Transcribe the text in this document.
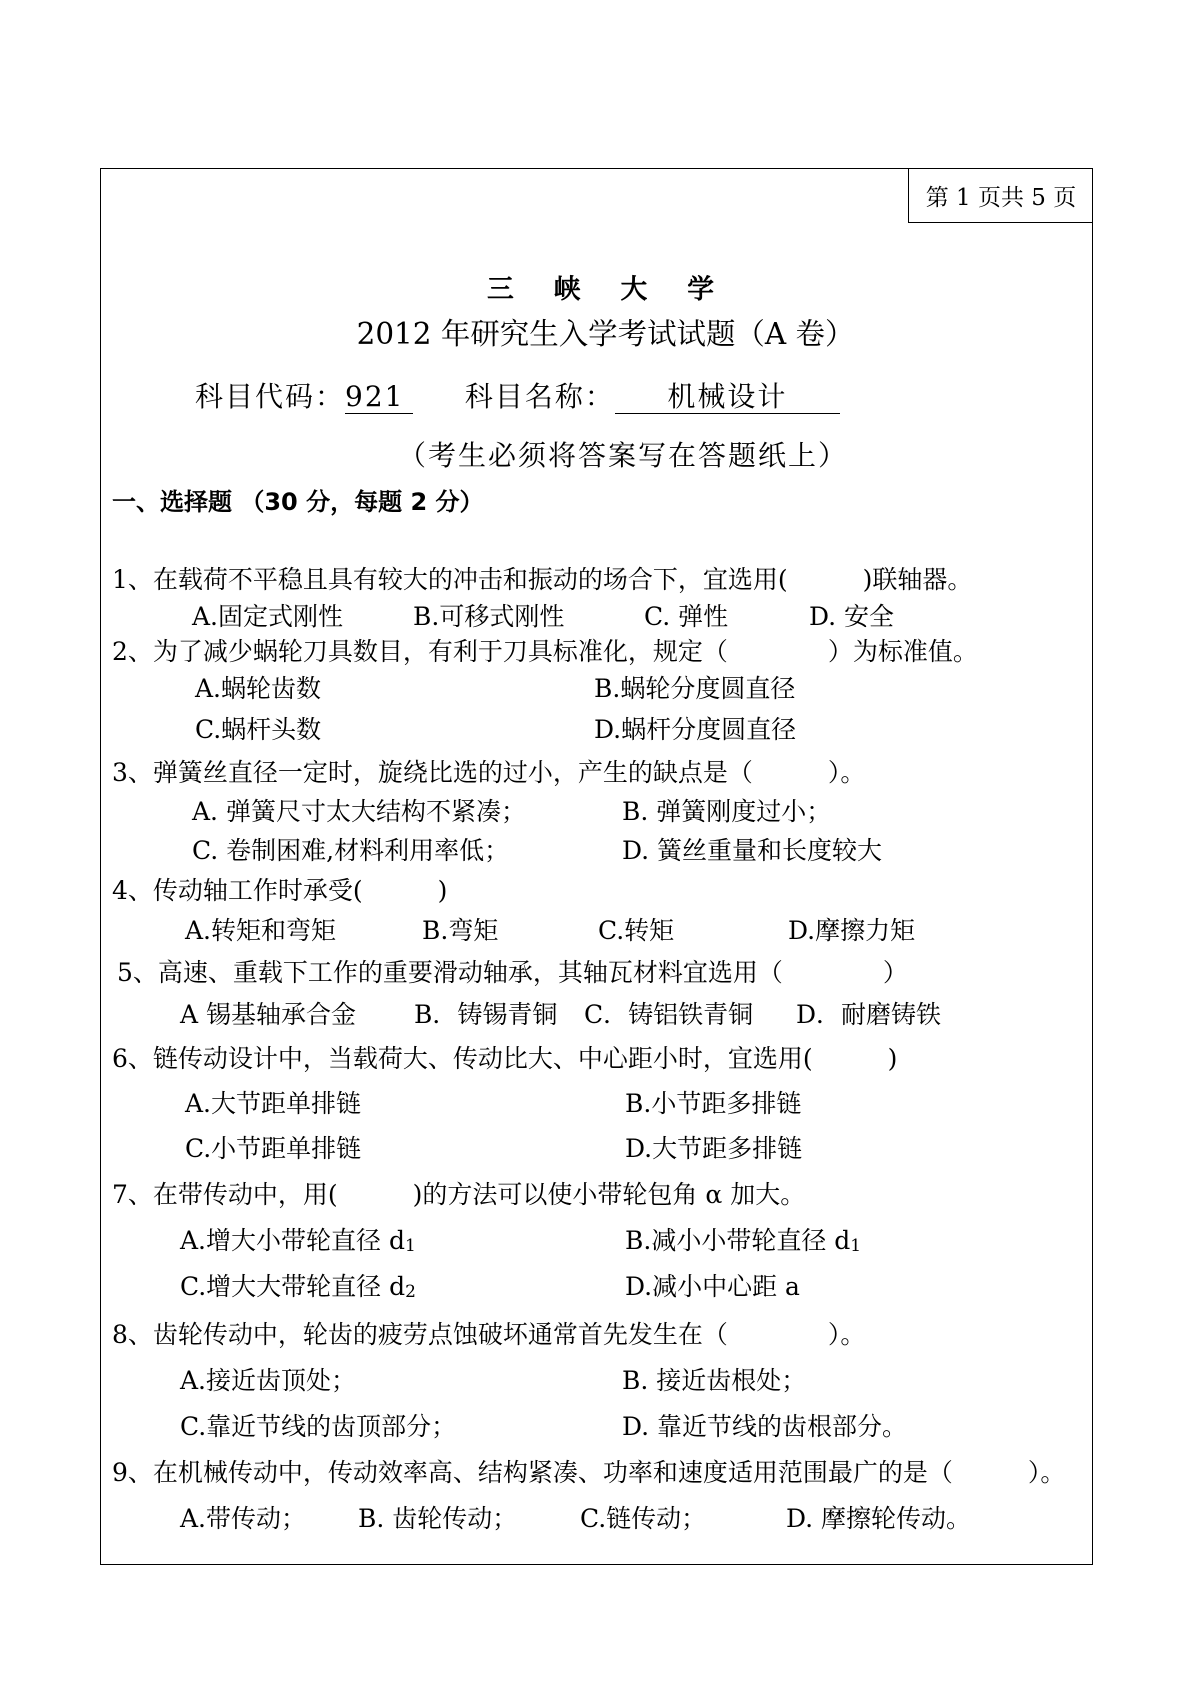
第 1 页共 5 页
三峡大学
2012 年研究生入学考试试题（A 卷）
科目代码：921 科目名称： 机械设计
（考生必须将答案写在答题纸上）
一、选择题 （30 分，每题 2 分）
1、在载荷不平稳且具有较大的冲击和振动的场合下，宜选用(　　　)联轴器。
A.固定式刚性	B.可移式刚性	C. 弹性	D. 安全
2、为了减少蜗轮刀具数目，有利于刀具标准化，规定（　　　　）为标准值。
A.蜗轮齿数	B.蜗轮分度圆直径
C.蜗杆头数	D.蜗杆分度圆直径
3、弹簧丝直径一定时，旋绕比选的过小，产生的缺点是（　　　）。
A. 弹簧尺寸太大结构不紧凑；	B. 弹簧刚度过小；
C. 卷制困难,材料利用率低；	D. 簧丝重量和长度较大
4、传动轴工作时承受(　　　)
A.转矩和弯矩	B.弯矩	C.转矩	D.摩擦力矩
5、高速、重载下工作的重要滑动轴承，其轴瓦材料宜选用（　　　　）
A 锡基轴承合金 B．铸锡青铜 C．铸铝铁青铜 D．耐磨铸铁
6、链传动设计中，当载荷大、传动比大、中心距小时，宜选用(　　　)
A.大节距单排链	B.小节距多排链
C.小节距单排链	D.大节距多排链
7、在带传动中，用(　　　)的方法可以使小带轮包角 α 加大。
A.增大小带轮直径 d1	B.减小小带轮直径 d1
C.增大大带轮直径 d2	D.减小中心距 a
8、齿轮传动中，轮齿的疲劳点蚀破坏通常首先发生在（　　　　）。
A.接近齿顶处；	B. 接近齿根处；
C.靠近节线的齿顶部分；	D. 靠近节线的齿根部分。
9、在机械传动中，传动效率高、结构紧凑、功率和速度适用范围最广的是（　　　）。
A.带传动； B. 齿轮传动；	C.链传动；	D. 摩擦轮传动。
